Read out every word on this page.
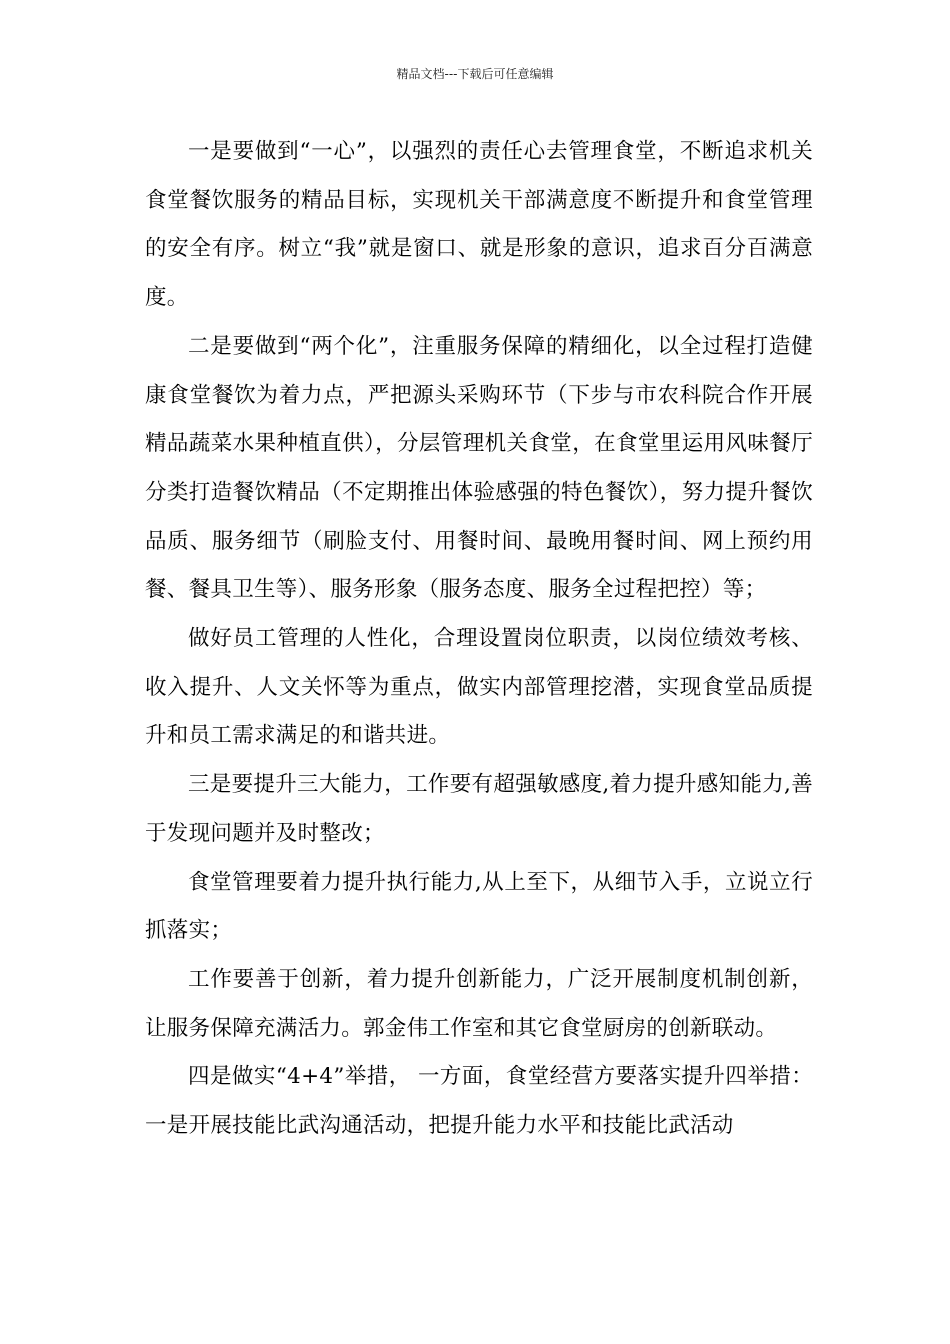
精品文档---下载后可任意编辑

一是要做到“一心”，以强烈的责任心去管理食堂，不断追求机关食堂餐饮服务的精品目标，实现机关干部满意度不断提升和食堂管理的安全有序。树立“我”就是窗口、就是形象的意识，追求百分百满意度。

二是要做到“两个化”，注重服务保障的精细化，以全过程打造健康食堂餐饮为着力点，严把源头采购环节（下步与市农科院合作开展精品蔬菜水果种植直供），分层管理机关食堂，在食堂里运用风味餐厅分类打造餐饮精品（不定期推出体验感强的特色餐饮），努力提升餐饮品质、服务细节（刷脸支付、用餐时间、最晚用餐时间、网上预约用餐、餐具卫生等）、服务形象（服务态度、服务全过程把控）等；

做好员工管理的人性化，合理设置岗位职责，以岗位绩效考核、收入提升、人文关怀等为重点，做实内部管理挖潜，实现食堂品质提升和员工需求满足的和谐共进。

三是要提升三大能力，工作要有超强敏感度,着力提升感知能力,善于发现问题并及时整改；

食堂管理要着力提升执行能力,从上至下，从细节入手，立说立行抓落实；

工作要善于创新，着力提升创新能力，广泛开展制度机制创新，让服务保障充满活力。郭金伟工作室和其它食堂厨房的创新联动。

四是做实“4+4”举措， 一方面，食堂经营方要落实提升四举措：一是开展技能比武沟通活动，把提升能力水平和技能比武活动
